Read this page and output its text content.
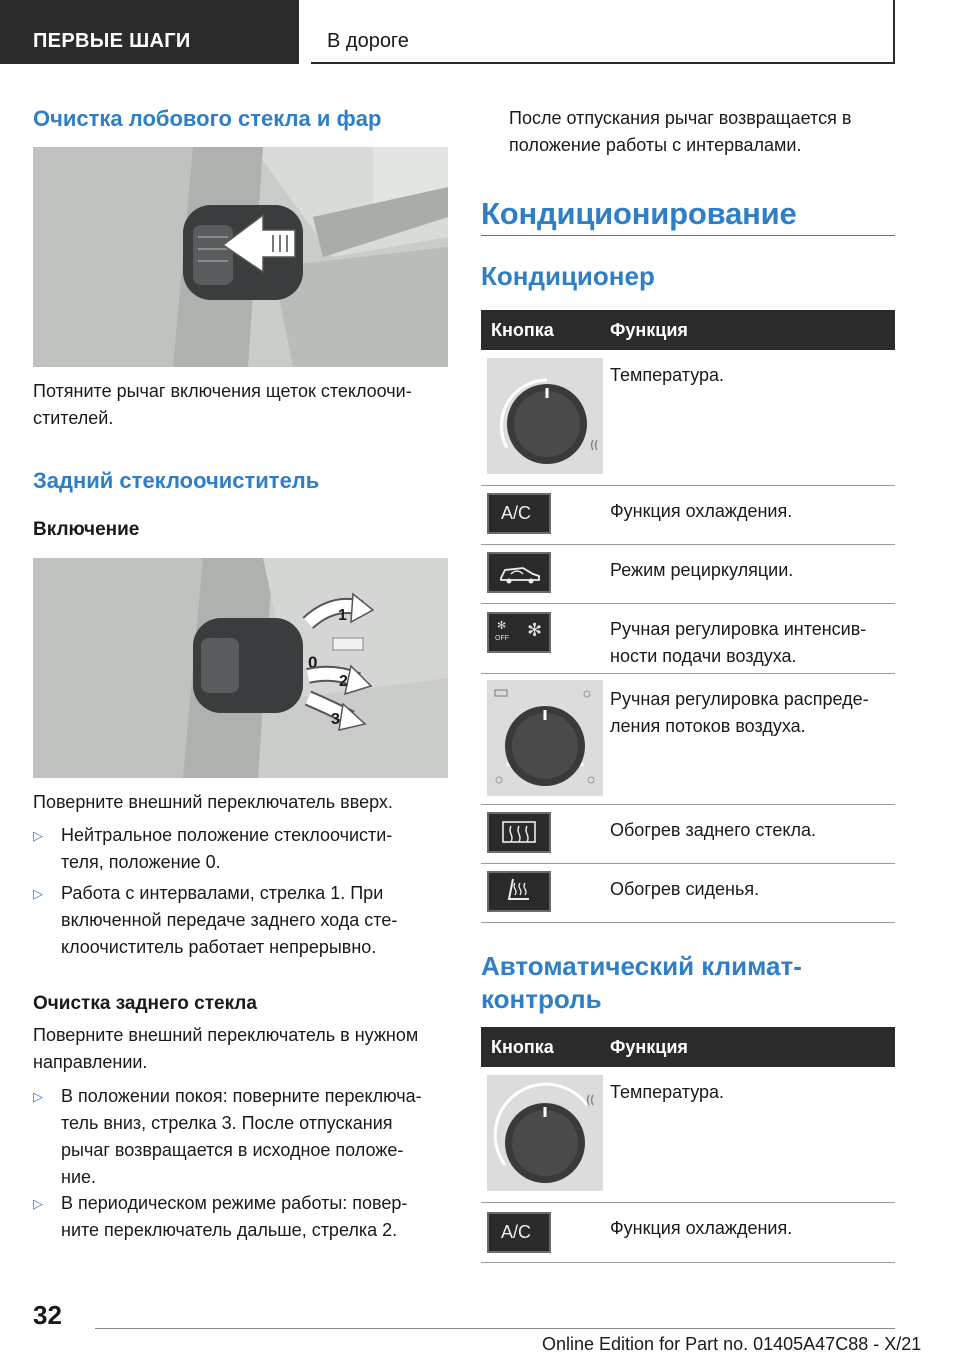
ПЕРВЫЕ ШАГИ	В дороге
Очистка лобового стекла и фар
Потяните рычаг включения щеток стеклоочи-
стителей.
Задний стеклоочиститель
Включение
0
1
2
3
Поверните внешний переключатель вверх.
▷ Нейтральное положение стеклоочисти-
теля, положение 0.
▷ Работа с интервалами, стрелка 1. При
включенной передаче заднего хода сте-
клоочиститель работает непрерывно.
Очистка заднего стекла
Поверните внешний переключатель в нужном
направлении.
▷ В положении покоя: поверните переключа-
тель вниз, стрелка 3. После отпускания
рычаг возвращается в исходное положе-
ние.
▷ В периодическом режиме работы: повер-
ните переключатель дальше, стрелка 2.
После отпускания рычаг возвращается в
положение работы с интервалами.
Кондиционирование
Кондиционер
Кнопка	Функция
Температура.
A/C	Функция охлаждения.
Режим рециркуляции.
✻
OFF ✻	Ручная регулировка интенсив-
ности подачи воздуха.
Ручная регулировка распреде-
ления потоков воздуха.
Обогрев заднего стекла.
Обогрев сиденья.
Автоматический климат-
контроль
Кнопка	Функция
Температура.
A/C	Функция охлаждения.
32
Online Edition for Part no. 01405A47C88 - X/21
